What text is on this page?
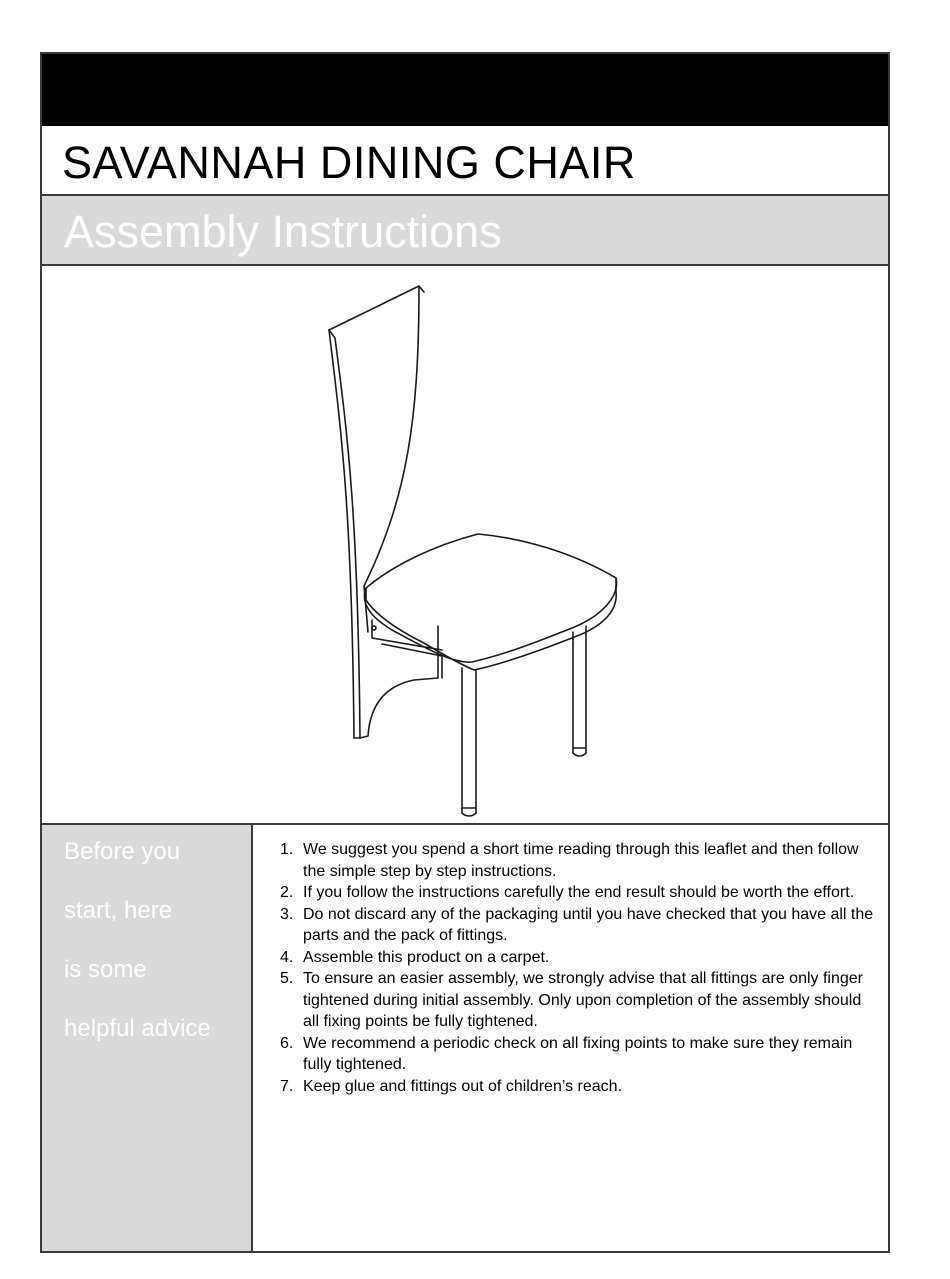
SAVANNAH DINING CHAIR
Assembly Instructions

Before you

start, here

is some

helpful advice

1. We suggest you spend a short time reading through this leaflet and then follow the simple step by step instructions.
2. If you follow the instructions carefully the end result should be worth the effort.
3. Do not discard any of the packaging until you have checked that you have all the parts and the pack of fittings.
4. Assemble this product on a carpet.
5. To ensure an easier assembly, we strongly advise that all fittings are only finger tightened during initial assembly. Only upon completion of the assembly should all fixing points be fully tightened.
6. We recommend a periodic check on all fixing points to make sure they remain fully tightened.
7. Keep glue and fittings out of children’s reach.
